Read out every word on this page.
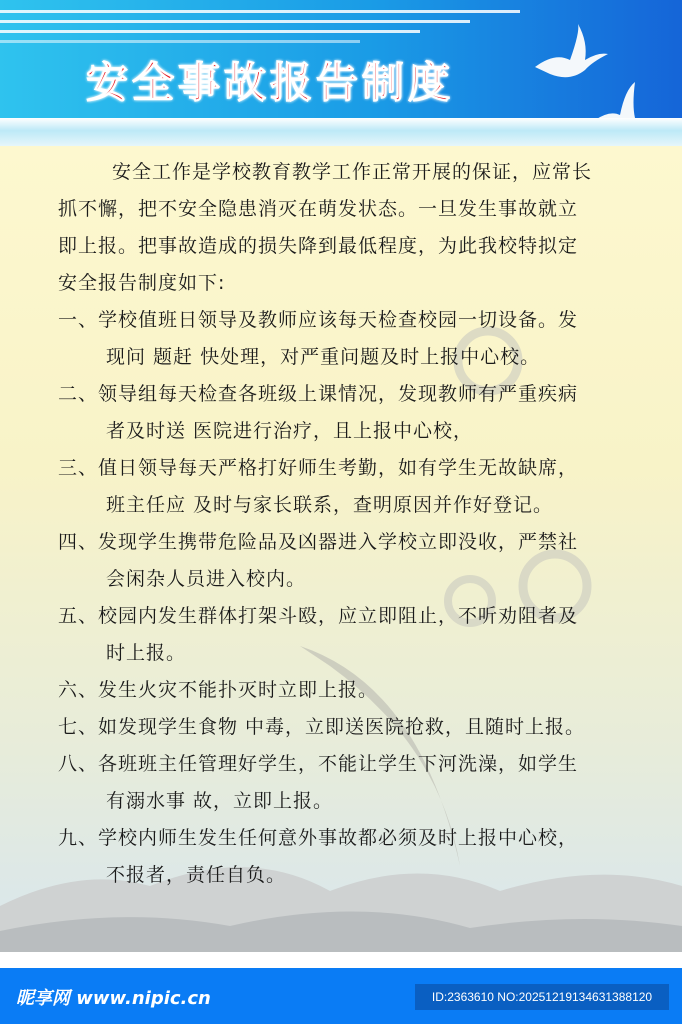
安全事故报告制度
安全工作是学校教育教学工作正常开展的保证，应常长
抓不懈，把不安全隐患消灭在萌发状态。一旦发生事故就立
即上报。把事故造成的损失降到最低程度，为此我校特拟定
安全报告制度如下:
一、学校值班日领导及教师应该每天检查校园一切设备。发
现问 题赶 快处理，对严重问题及时上报中心校。
二、领导组每天检查各班级上课情况，发现教师有严重疾病
者及时送 医院进行治疗，且上报中心校，
三、值日领导每天严格打好师生考勤，如有学生无故缺席，
班主任应 及时与家长联系，查明原因并作好登记。
四、发现学生携带危险品及凶器进入学校立即没收，严禁社
会闲杂人员进入校内。
五、校园内发生群体打架斗殴，应立即阻止，不听劝阻者及
时上报。
六、发生火灾不能扑灭时立即上报。
七、如发现学生食物 中毒，立即送医院抢救，且随时上报。
八、各班班主任管理好学生，不能让学生下河洗澡，如学生
有溺水事 故，立即上报。
九、学校内师生发生任何意外事故都必须及时上报中心校，
不报者，责任自负。
昵享网 www.nipic.cn	ID:2363610 NO:20251219134631388120
